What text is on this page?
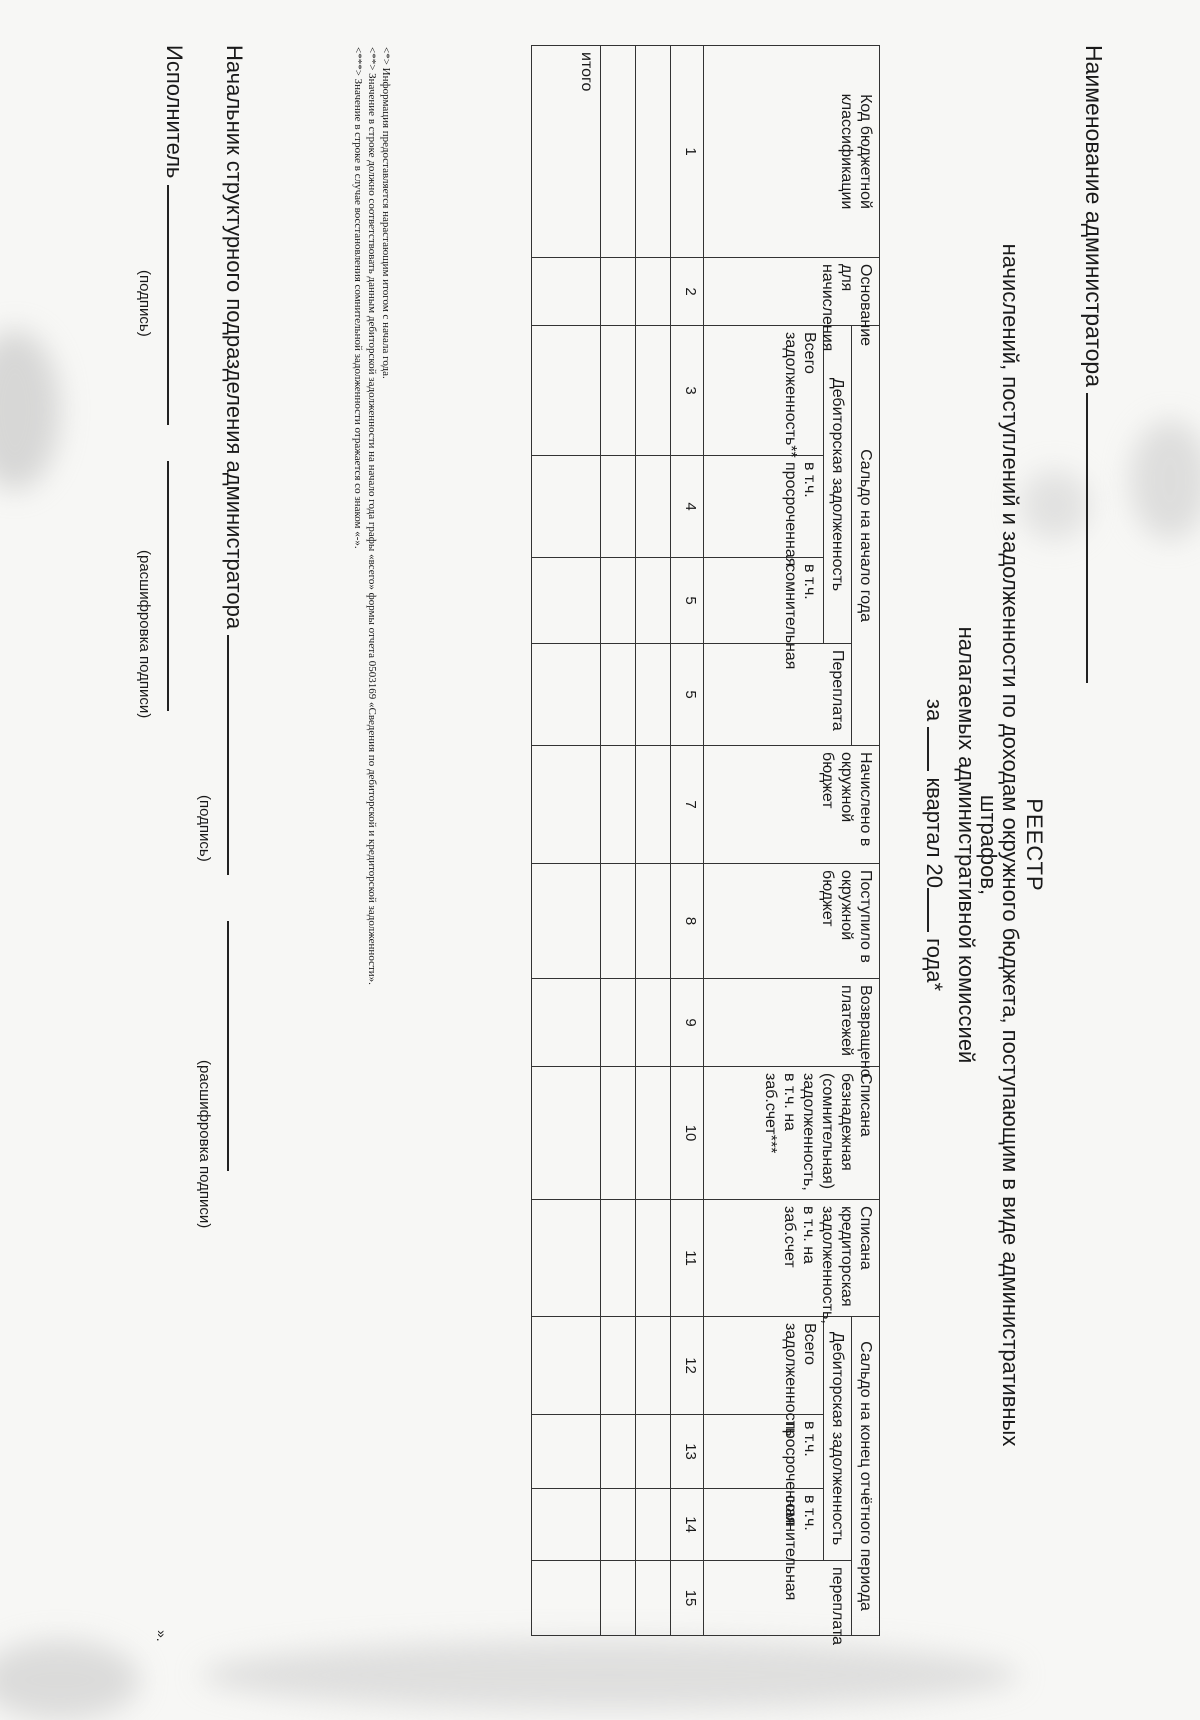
Наименование администратора
РЕЕСТР
начислений, поступлений и задолженности по доходам окружного бюджета, поступающим в виде административных штрафов,
налагаемых административной комиссией
за  квартал 20 года*
Код бюджетной классификации	Основание для начисления	Сальдо на начало года				Начислено в окружной бюджет	Поступило в окружной бюджет	Возвращено платежей	Списана безнадежная (сомнительная) задолженность, в т.ч. на заб.счет***	Списана кредиторская задолженность, в т.ч. на заб.счет	Сальдо на конец отчётного периода			
		Дебиторская задолженность			Переплата						Дебиторская задолженность			переплата
		Всего задолженность**	в т.ч. просроченная	в т.ч. сомнительная							Всего задолженность	в т.ч. просроченная	в т.ч. сомнительная	
1	2	3	4	5	5	7	8	9	10	11	12	13	14	15

итого														
<*> Информация предоставляется нарастающим итогом с начала года.
<**> Значение в строке должно соответствовать данным дебиторской задолженности на начало года графы «всего» формы отчета 0503169 «Сведения по дебиторской и кредиторской задолженности».
<***> Значение в строке в случае восстановления сомнительной задолженности отражается со знаком «-».
Начальник структурного подразделения администратора
(подпись)
(расшифровка подписи)
Исполнитель
(подпись)
(расшифровка подписи)
».
